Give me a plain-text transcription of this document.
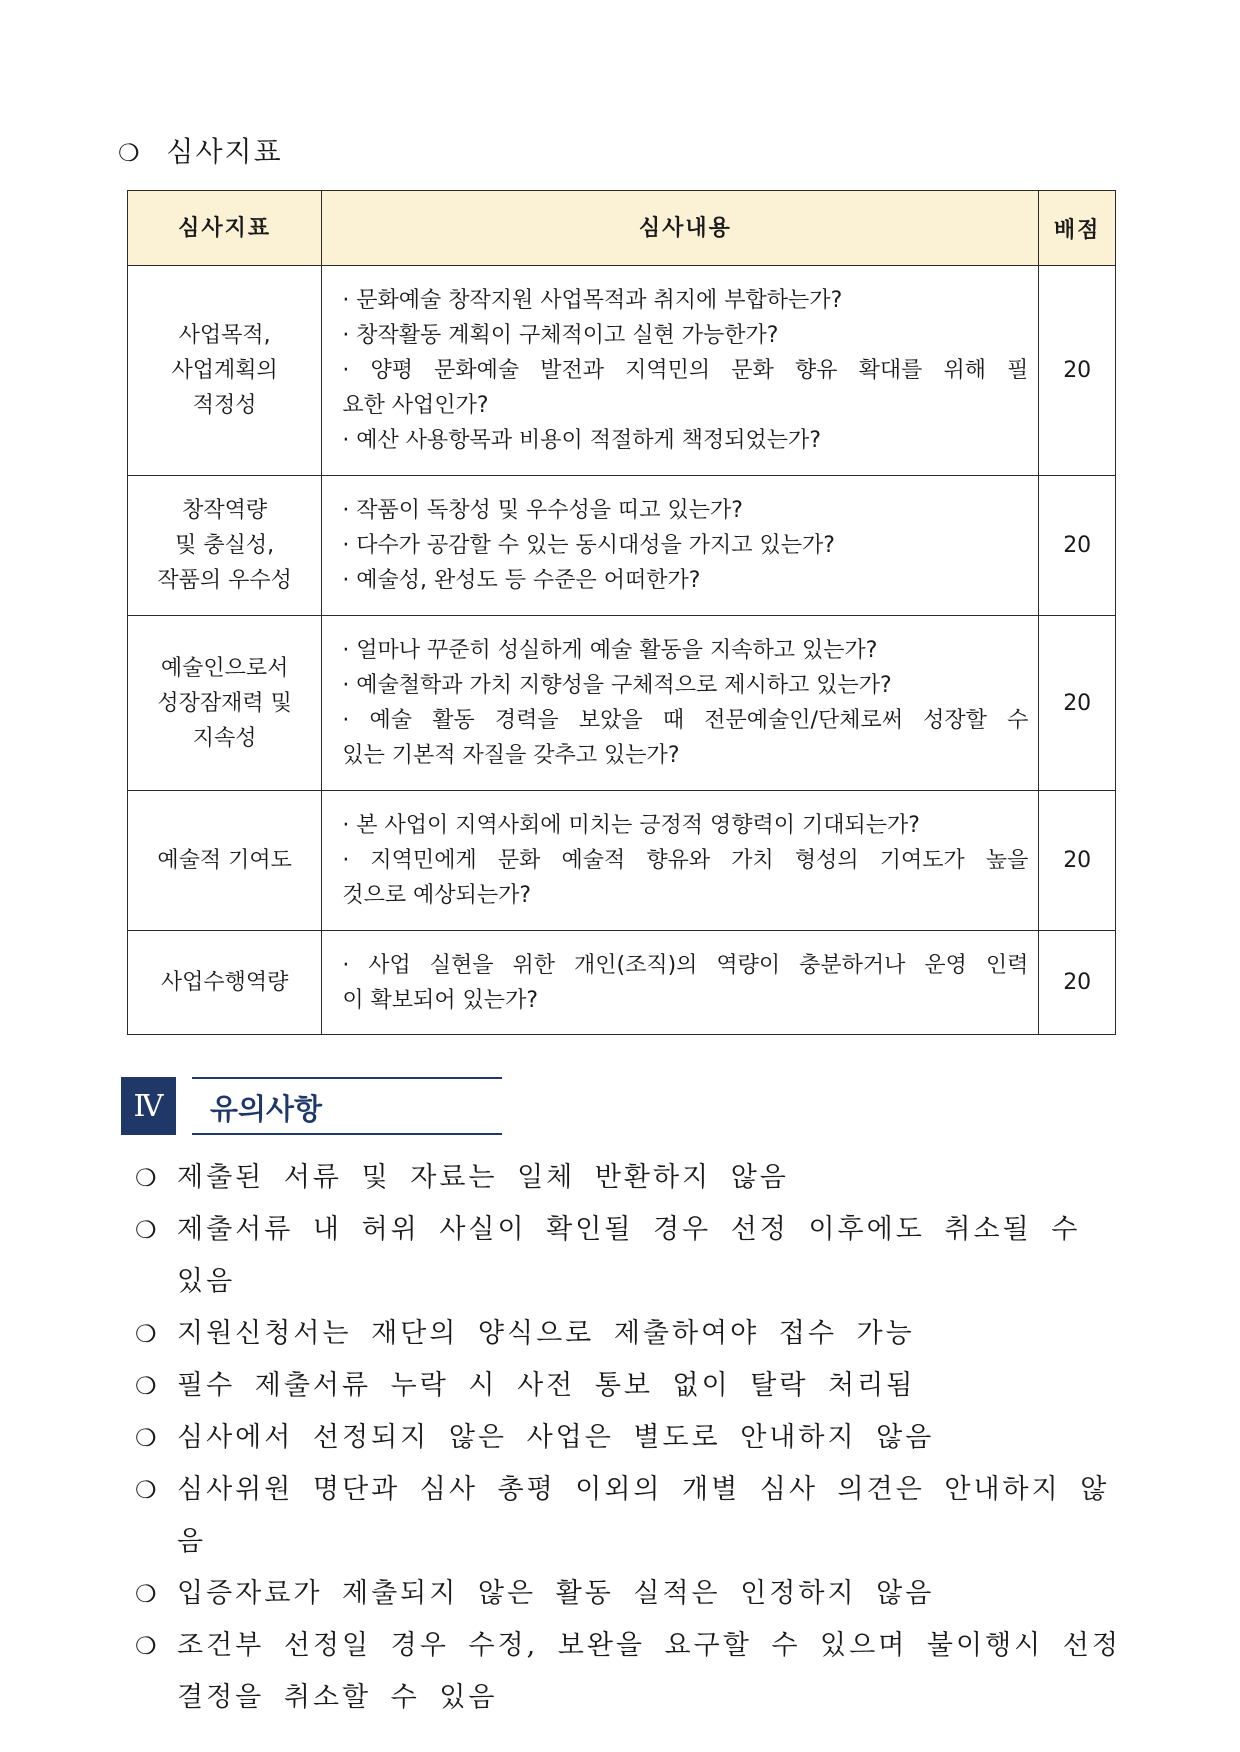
❍ 심사지표
심사지표	심사내용	배점

사업목적,
사업계획의
적정성	· 문화예술 창작지원 사업목적과 취지에 부합하는가?
· 창작활동 계획이 구체적이고 실현 가능한가?
· 양평 문화예술 발전과 지역민의 문화 향유 확대를 위해 필
요한 사업인가?
· 예산 사용항목과 비용이 적절하게 책정되었는가?	20

창작역량
및 충실성,
작품의 우수성	· 작품이 독창성 및 우수성을 띠고 있는가?
· 다수가 공감할 수 있는 동시대성을 가지고 있는가?
· 예술성, 완성도 등 수준은 어떠한가?	20

예술인으로서
성장잠재력 및
지속성	· 얼마나 꾸준히 성실하게 예술 활동을 지속하고 있는가?
· 예술철학과 가치 지향성을 구체적으로 제시하고 있는가?
· 예술 활동 경력을 보았을 때 전문예술인/단체로써 성장할 수
있는 기본적 자질을 갖추고 있는가?	20

예술적 기여도	· 본 사업이 지역사회에 미치는 긍정적 영향력이 기대되는가?
· 지역민에게 문화 예술적 향유와 가치 형성의 기여도가 높을
것으로 예상되는가?	20

사업수행역량	· 사업 실현을 위한 개인(조직)의 역량이 충분하거나 운영 인력
이 확보되어 있는가?	20
Ⅳ	유의사항
❍ 제출된 서류 및 자료는 일체 반환하지 않음
❍ 제출서류 내 허위 사실이 확인될 경우 선정 이후에도 취소될 수 있음
❍ 지원신청서는 재단의 양식으로 제출하여야 접수 가능
❍ 필수 제출서류 누락 시 사전 통보 없이 탈락 처리됨
❍ 심사에서 선정되지 않은 사업은 별도로 안내하지 않음
❍ 심사위원 명단과 심사 총평 이외의 개별 심사 의견은 안내하지 않음
❍ 입증자료가 제출되지 않은 활동 실적은 인정하지 않음
❍ 조건부 선정일 경우 수정, 보완을 요구할 수 있으며 불이행시 선정 결정을 취소할 수 있음
